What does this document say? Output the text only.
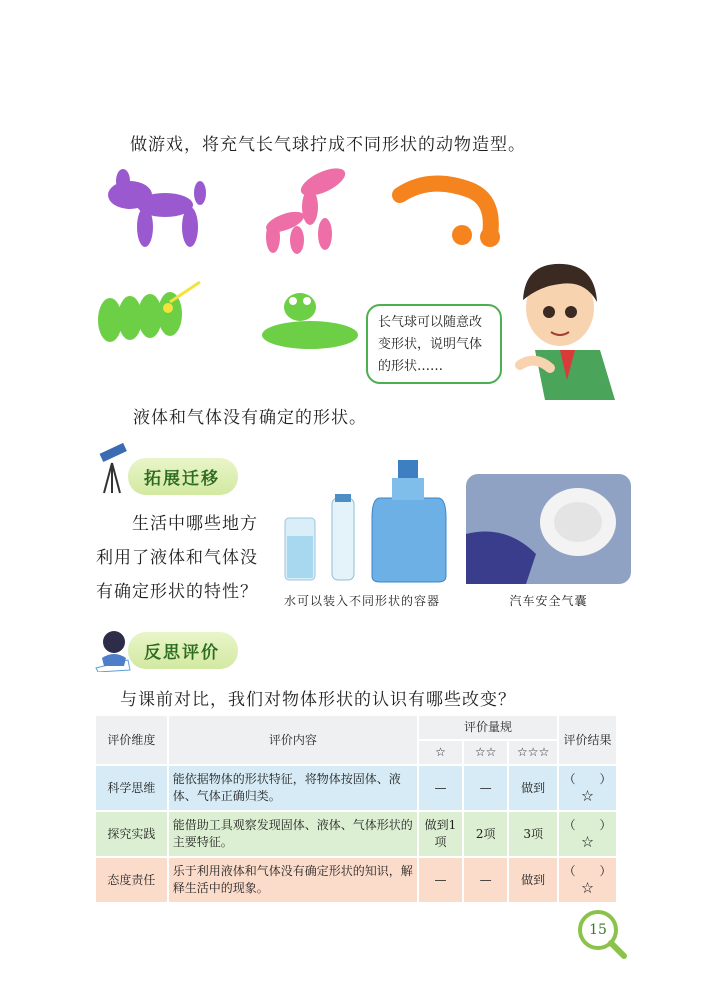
做游戏，将充气长气球拧成不同形状的动物造型。
长气球可以随意改变形状，说明气体的形状……
液体和气体没有确定的形状。
拓展迁移
生活中哪些地方
利用了液体和气体没
有确定形状的特性？	水可以装入不同形状的容器	汽车安全气囊
反思评价
与课前对比，我们对物体形状的认识有哪些改变？
评价维度	评价内容	评价量规			评价结果
		☆	☆☆	☆☆☆	
科学思维	能依据物体的形状特征，将物体按固体、液体、气体正确归类。	—	—	做到	（　　）☆
探究实践	能借助工具观察发现固体、液体、气体形状的主要特征。	做到1项	2项	3项	（　　）☆
态度责任	乐于利用液体和气体没有确定形状的知识，解释生活中的现象。	—	—	做到	（　　）☆
15
